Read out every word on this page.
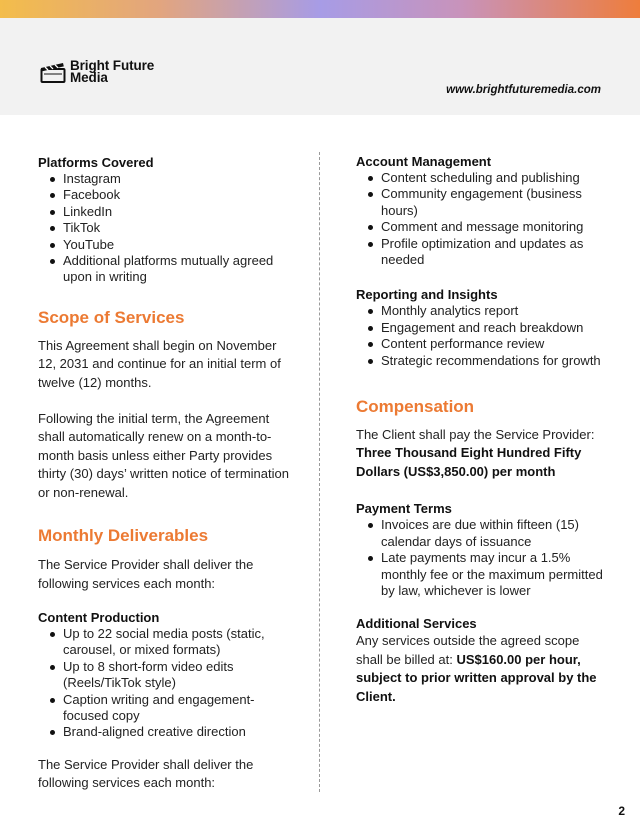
Bright Future
Media
www.brightfuturemedia.com
Platforms Covered
Instagram
Facebook
LinkedIn
TikTok
YouTube
Additional platforms mutually agreed upon in writing
Scope of Services

This Agreement shall begin on November 12, 2031 and continue for an initial term of twelve (12) months.

Following the initial term, the Agreement shall automatically renew on a month-to-month basis unless either Party provides thirty (30) days’ written notice of termination or non-renewal.

Monthly Deliverables

The Service Provider shall deliver the following services each month:

Content Production
Up to 22 social media posts (static, carousel, or mixed formats)
Up to 8 short-form video edits (Reels/TikTok style)
Caption writing and engagement-focused copy
Brand-aligned creative direction

The Service Provider shall deliver the following services each month:

Account Management
Content scheduling and publishing
Community engagement (business hours)
Comment and message monitoring
Profile optimization and updates as needed
Reporting and Insights
Monthly analytics report
Engagement and reach breakdown
Content performance review
Strategic recommendations for growth
Compensation

The Client shall pay the Service Provider: Three Thousand Eight Hundred Fifty Dollars (US$3,850.00) per month

Payment Terms
Invoices are due within fifteen (15) calendar days of issuance
Late payments may incur a 1.5% monthly fee or the maximum permitted by law, whichever is lower
Additional Services

Any services outside the agreed scope shall be billed at: US$160.00 per hour, subject to prior written approval by the Client.

2
